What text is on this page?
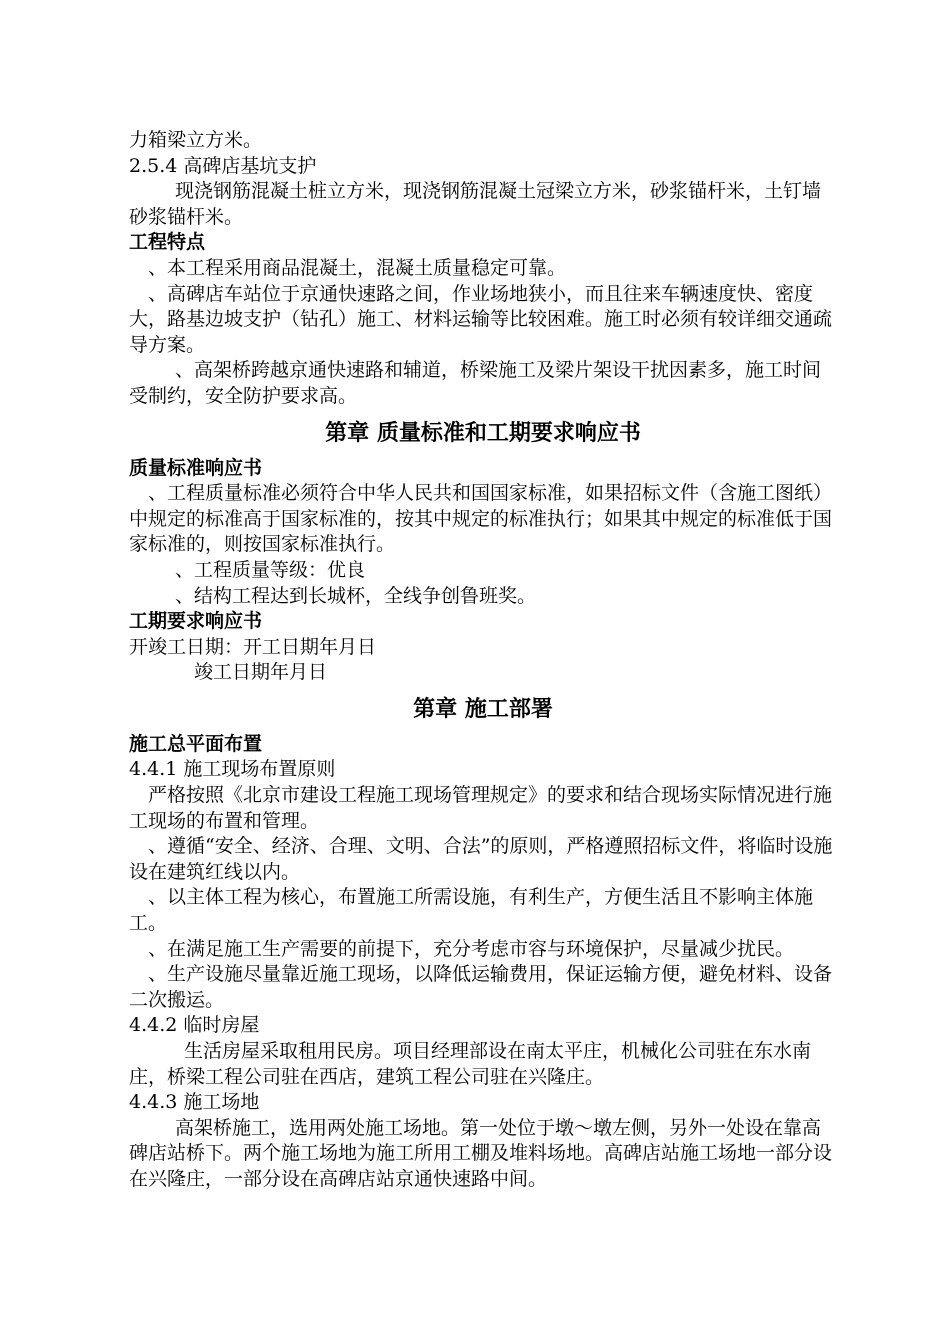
力箱梁立方米。

2.5.4 高碑店基坑支护

现浇钢筋混凝土桩立方米，现浇钢筋混凝土冠梁立方米，砂浆锚杆米，土钉墙砂浆锚杆米。

工程特点

、本工程采用商品混凝土，混凝土质量稳定可靠。

、高碑店车站位于京通快速路之间，作业场地狭小，而且往来车辆速度快、密度大，路基边坡支护（钻孔）施工、材料运输等比较困难。施工时必须有较详细交通疏导方案。

、高架桥跨越京通快速路和辅道，桥梁施工及梁片架设干扰因素多，施工时间受制约，安全防护要求高。

第章 质量标准和工期要求响应书

质量标准响应书

、工程质量标准必须符合中华人民共和国国家标准，如果招标文件（含施工图纸）中规定的标准高于国家标准的，按其中规定的标准执行；如果其中规定的标准低于国家标准的，则按国家标准执行。

、工程质量等级：优良

、结构工程达到长城杯，全线争创鲁班奖。

工期要求响应书

开竣工日期：开工日期年月日

竣工日期年月日

第章 施工部署

施工总平面布置

4.4.1 施工现场布置原则

严格按照《北京市建设工程施工现场管理规定》的要求和结合现场实际情况进行施工现场的布置和管理。

、遵循“安全、经济、合理、文明、合法”的原则，严格遵照招标文件，将临时设施设在建筑红线以内。

、以主体工程为核心，布置施工所需设施，有利生产，方便生活且不影响主体施工。

、在满足施工生产需要的前提下，充分考虑市容与环境保护，尽量减少扰民。

、生产设施尽量靠近施工现场，以降低运输费用，保证运输方便，避免材料、设备二次搬运。

4.4.2 临时房屋

生活房屋采取租用民房。项目经理部设在南太平庄，机械化公司驻在东水南庄，桥梁工程公司驻在西店，建筑工程公司驻在兴隆庄。

4.4.3 施工场地

高架桥施工，选用两处施工场地。第一处位于墩～墩左侧，另外一处设在靠高碑店站桥下。两个施工场地为施工所用工棚及堆料场地。高碑店站施工场地一部分设在兴隆庄，一部分设在高碑店站京通快速路中间。
